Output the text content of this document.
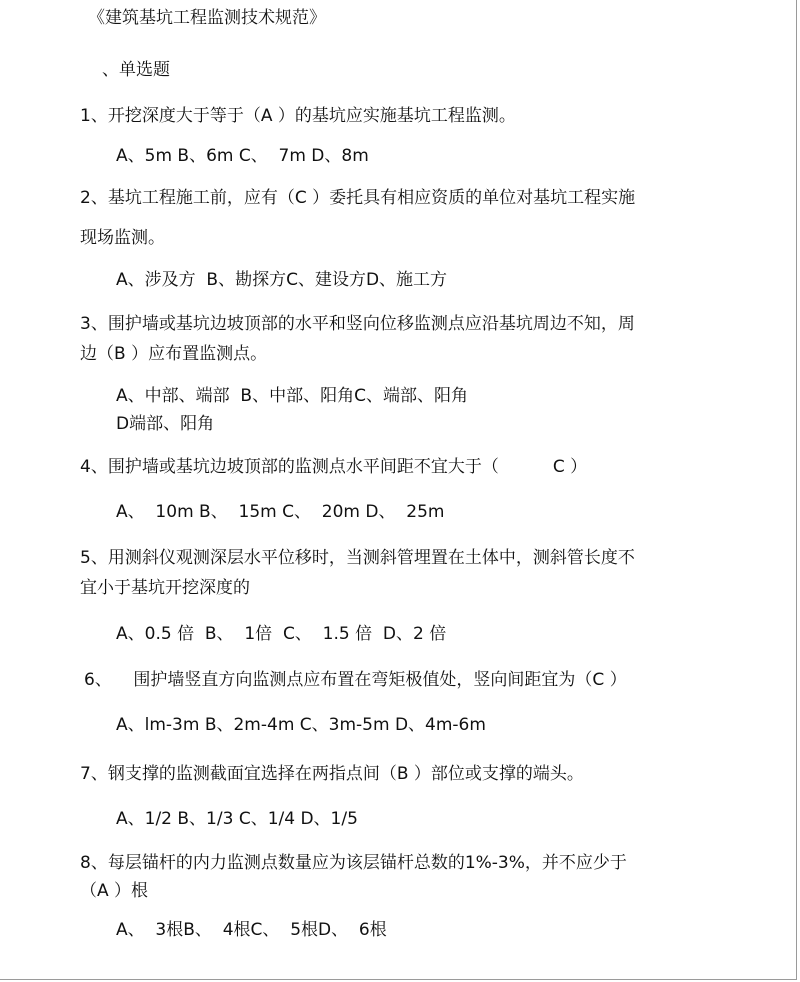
《建筑基坑工程监测技术规范》
、单选题
1、开挖深度大于等于（A ）的基坑应实施基坑工程监测。
A、5m B、6m C、  7m D、8m
2、基坑工程施工前，应有（C ）委托具有相应资质的单位对基坑工程实施
现场监测。
A、涉及方  B、勘探方C、建设方D、施工方
3、围护墙或基坑边坡顶部的水平和竖向位移监测点应沿基坑周边不知，周
边（B ）应布置监测点。
A、中部、端部  B、中部、阳角C、端部、阳角
D端部、阳角
4、围护墙或基坑边坡顶部的监测点水平间距不宜大于（          C ）
A、  10m B、  15m C、  20m D、  25m
5、用测斜仪观测深层水平位移时，当测斜管埋置在土体中，测斜管长度不
宜小于基坑开挖深度的
A、0.5 倍  B、  1倍  C、  1.5 倍  D、2 倍
6、    围护墙竖直方向监测点应布置在弯矩极值处，竖向间距宜为（C ）
A、lm-3m B、2m-4m C、3m-5m D、4m-6m
7、钢支撑的监测截面宜选择在两指点间（B ）部位或支撑的端头。
A、1/2 B、1/3 C、1/4 D、1/5
8、每层锚杆的内力监测点数量应为该层锚杆总数的1%-3%，并不应少于
（A ）根
A、  3根B、  4根C、  5根D、  6根
